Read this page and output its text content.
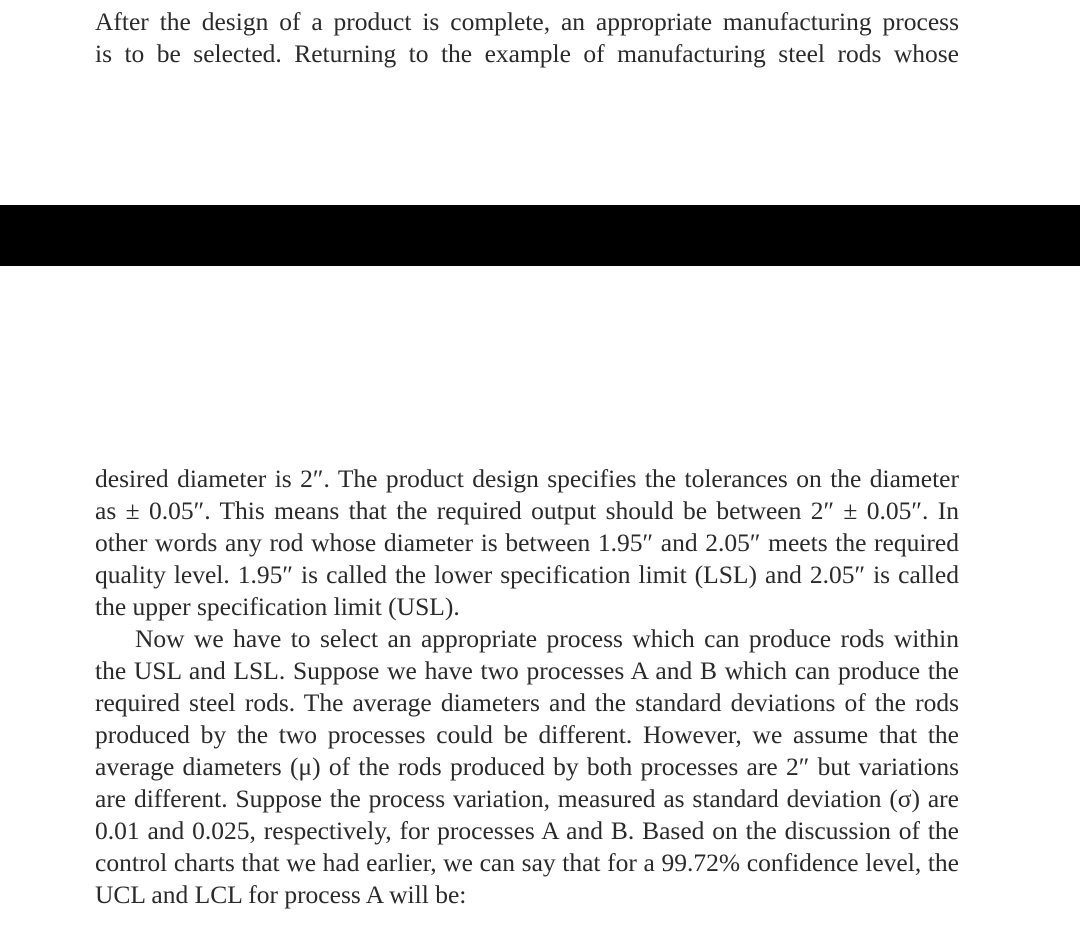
After the design of a product is complete, an appropriate manufacturing process
is to be selected. Returning to the example of manufacturing steel rods whose
desired diameter is 2″. The product design specifies the tolerances on the diameter
as ± 0.05″. This means that the required output should be between 2″ ± 0.05″. In
other words any rod whose diameter is between 1.95″ and 2.05″ meets the required
quality level. 1.95″ is called the lower specification limit (LSL) and 2.05″ is called
the upper specification limit (USL).
Now we have to select an appropriate process which can produce rods within
the USL and LSL. Suppose we have two processes A and B which can produce the
required steel rods. The average diameters and the standard deviations of the rods
produced by the two processes could be different. However, we assume that the
average diameters (μ) of the rods produced by both processes are 2″ but variations
are different. Suppose the process variation, measured as standard deviation (σ) are
0.01 and 0.025, respectively, for processes A and B. Based on the discussion of the
control charts that we had earlier, we can say that for a 99.72% confidence level, the
UCL and LCL for process A will be:
